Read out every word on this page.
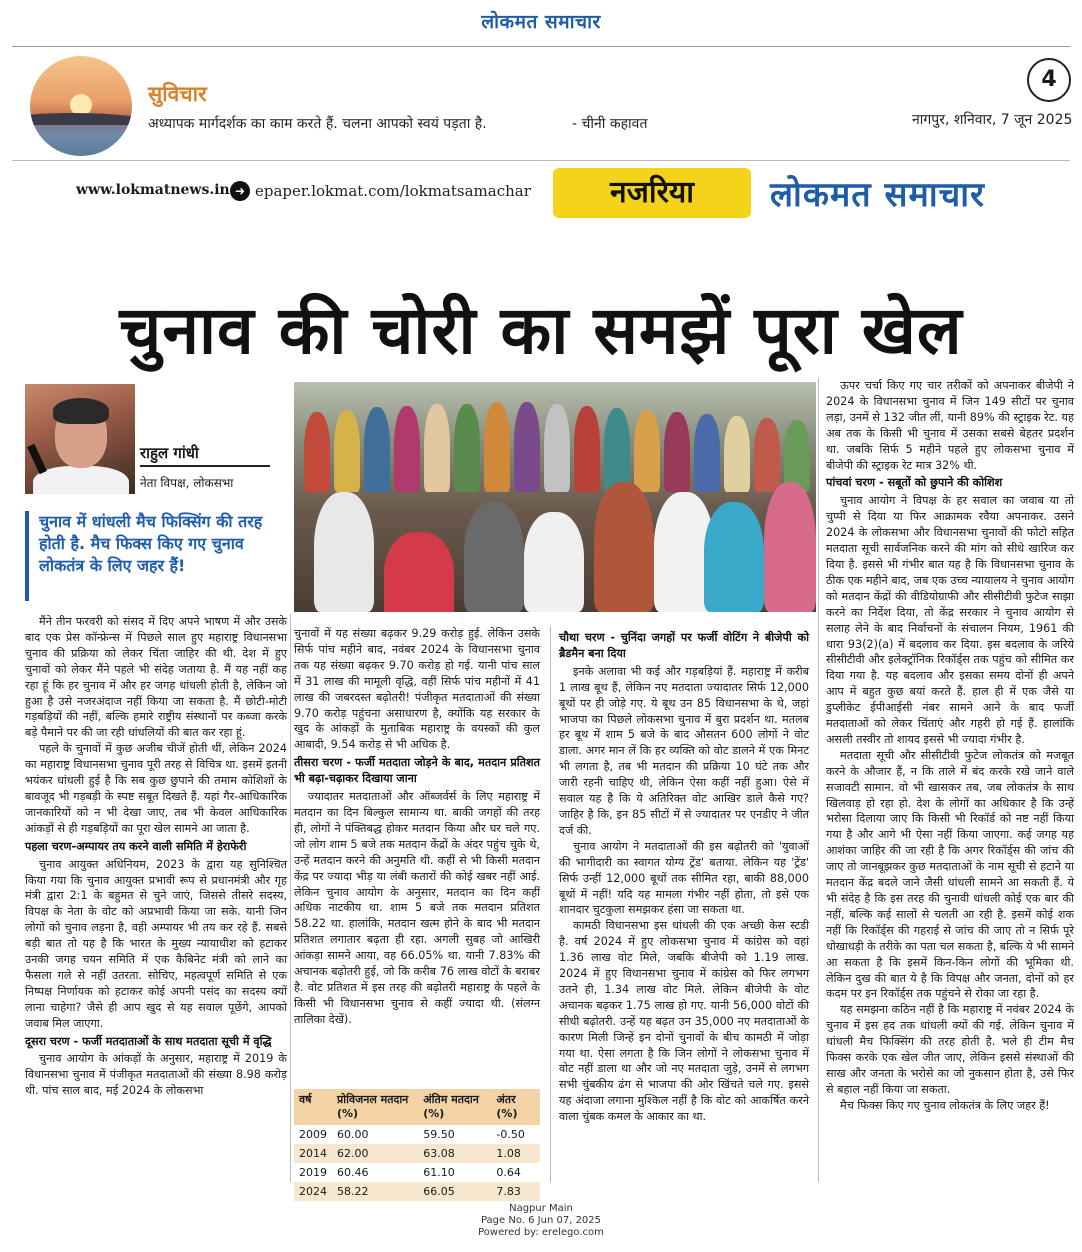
लोकमत समाचार
सुविचार
अध्यापक मार्गदर्शक का काम करते हैं. चलना आपको स्वयं पड़ता है.	- चीनी कहावत
4
नागपुर, शनिवार, 7 जून 2025
www.lokmatnews.in ➜ epaper.lokmat.com/lokmatsamachar	नजरिया	लोकमत समाचार
चुनाव की चोरी का समझें पूरा खेल
राहुल गांधी
नेता विपक्ष, लोकसभा
चुनाव में धांधली मैच फिक्सिंग की तरह होती है. मैच फिक्स किए गए चुनाव लोकतंत्र के लिए जहर हैं!

मैंने तीन फरवरी को संसद में दिए अपने भाषण में और उसके बाद एक प्रेस कॉन्फ्रेन्स में पिछले साल हुए महाराष्ट्र विधानसभा चुनाव की प्रक्रिया को लेकर चिंता जाहिर की थी. देश में हुए चुनावों को लेकर मैंने पहले भी संदेह जताया है. मैं यह नहीं कह रहा हूं कि हर चुनाव में और हर जगह धांधली होती है, लेकिन जो हुआ है उसे नजरअंदाज नहीं किया जा सकता है. मैं छोटी-मोटी गड़बड़ियों की नहीं, बल्कि हमारे राष्ट्रीय संस्थानों पर कब्जा करके बड़े पैमाने पर की जा रही धांधलियों की बात कर रहा हूं.

पहले के चुनावों में कुछ अजीब चीजें होती थीं, लेकिन 2024 का महाराष्ट्र विधानसभा चुनाव पूरी तरह से विचित्र था. इसमें इतनी भयंकर धांधली हुई है कि सब कुछ छुपाने की तमाम कोशिशों के बावजूद भी गड़बड़ी के स्पष्ट सबूत दिखते हैं. यहां गैर-आधिकारिक जानकारियों को न भी देखा जाए, तब भी केवल आधिकारिक आंकड़ों से ही गड़बड़ियों का पूरा खेल सामने आ जाता है.

पहला चरण-अम्पायर तय करने वाली समिति में हेराफेरी

चुनाव आयुक्त अधिनियम, 2023 के द्वारा यह सुनिश्चित किया गया कि चुनाव आयुक्त प्रभावी रूप से प्रधानमंत्री और गृह मंत्री द्वारा 2:1 के बहुमत से चुने जाएं, जिससे तीसरे सदस्य, विपक्ष के नेता के वोट को अप्रभावी किया जा सके. यानी जिन लोगों को चुनाव लड़ना है, वही अम्पायर भी तय कर रहे हैं. सबसे बड़ी बात तो यह है कि भारत के मुख्य न्यायाधीश को हटाकर उनकी जगह चयन समिति में एक कैबिनेट मंत्री को लाने का फैसला गले से नहीं उतरता. सोचिए, महत्वपूर्ण समिति से एक निष्पक्ष निर्णायक को हटाकर कोई अपनी पसंद का सदस्य क्यों लाना चाहेगा? जैसे ही आप खुद से यह सवाल पूछेंगे, आपको जवाब मिल जाएगा.

दूसरा चरण - फर्जी मतदाताओं के साथ मतदाता सूची में वृद्धि

चुनाव आयोग के आंकड़ों के अनुसार, महाराष्ट्र में 2019 के विधानसभा चुनाव में पंजीकृत मतदाताओं की संख्या 8.98 करोड़ थी. पांच साल बाद, मई 2024 के लोकसभा

चुनावों में यह संख्या बढ़कर 9.29 करोड़ हुई. लेकिन उसके सिर्फ पांच महीने बाद, नवंबर 2024 के विधानसभा चुनाव तक यह संख्या बढ़कर 9.70 करोड़ हो गई. यानी पांच साल में 31 लाख की मामूली वृद्धि, वहीं सिर्फ पांच महीनों में 41 लाख की जबरदस्त बढ़ोतरी! पंजीकृत मतदाताओं की संख्या 9.70 करोड़ पहुंचना असाधारण है, क्योंकि यह सरकार के खुद के आंकड़ों के मुताबिक महाराष्ट्र के वयस्कों की कुल आबादी, 9.54 करोड़ से भी अधिक है.

तीसरा चरण - फर्जी मतदाता जोड़ने के बाद, मतदान प्रतिशत भी बढ़ा-चढ़ाकर दिखाया जाना

ज्यादातर मतदाताओं और ऑब्जर्वर्स के लिए महाराष्ट्र में मतदान का दिन बिल्कुल सामान्य था. बाकी जगहों की तरह ही, लोगों ने पंक्तिबद्ध होकर मतदान किया और घर चले गए. जो लोग शाम 5 बजे तक मतदान केंद्रों के अंदर पहुंच चुके थे, उन्हें मतदान करने की अनुमति थी. कहीं से भी किसी मतदान केंद्र पर ज्यादा भीड़ या लंबी कतारों की कोई खबर नहीं आई. लेकिन चुनाव आयोग के अनुसार, मतदान का दिन कहीं अधिक नाटकीय था. शाम 5 बजे तक मतदान प्रतिशत 58.22 था. हालांकि, मतदान खत्म होने के बाद भी मतदान प्रतिशत लगातार बढ़ता ही रहा. अगली सुबह जो आखिरी आंकड़ा सामने आया, वह 66.05% था. यानी 7.83% की अचानक बढ़ोतरी हुई, जो कि करीब 76 लाख वोटों के बराबर है. वोट प्रतिशत में इस तरह की बढ़ोतरी महाराष्ट्र के पहले के किसी भी विधानसभा चुनाव से कहीं ज्यादा थी. (संलग्न तालिका देखें).

वर्ष	प्रोविजनल मतदान (%)	अंतिम मतदान (%)	अंतर (%)
2009	60.00	59.50	-0.50
2014	62.00	63.08	1.08
2019	60.46	61.10	0.64
2024	58.22	66.05	7.83

चौथा चरण - चुनिंदा जगहों पर फर्जी वोटिंग ने बीजेपी को ब्रैडमैन बना दिया

इनके अलावा भी कई और गड़बड़ियां हैं. महाराष्ट्र में करीब 1 लाख बूथ हैं, लेकिन नए मतदाता ज्यादातर सिर्फ 12,000 बूथों पर ही जोड़े गए. ये बूथ उन 85 विधानसभा के थे, जहां भाजपा का पिछले लोकसभा चुनाव में बुरा प्रदर्शन था. मतलब हर बूथ में शाम 5 बजे के बाद औसतन 600 लोगों ने वोट डाला. अगर मान लें कि हर व्यक्ति को वोट डालने में एक मिनट भी लगता है, तब भी मतदान की प्रक्रिया 10 घंटे तक और जारी रहनी चाहिए थी, लेकिन ऐसा कहीं नहीं हुआ। ऐसे में सवाल यह है कि ये अतिरिक्त वोट आखिर डाले कैसे गए? जाहिर है कि, इन 85 सीटों में से ज्यादातर पर एनडीए ने जीत दर्ज की.

चुनाव आयोग ने मतदाताओं की इस बढ़ोतरी को 'युवाओं की भागीदारी का स्वागत योग्य ट्रेंड' बताया. लेकिन यह 'ट्रेंड' सिर्फ उन्हीं 12,000 बूथों तक सीमित रहा, बाकी 88,000 बूथों में नहीं! यदि यह मामला गंभीर नहीं होता, तो इसे एक शानदार चुटकुला समझकर हंसा जा सकता था.

कामठी विधानसभा इस धांधली की एक अच्छी केस स्टडी है. वर्ष 2024 में हुए लोकसभा चुनाव में कांग्रेस को वहां 1.36 लाख वोट मिले, जबकि बीजेपी को 1.19 लाख. 2024 में हुए विधानसभा चुनाव में कांग्रेस को फिर लगभग उतने ही, 1.34 लाख वोट मिले. लेकिन बीजेपी के वोट अचानक बढ़कर 1.75 लाख हो गए. यानी 56,000 वोटों की सीधी बढ़ोतरी. उन्हें यह बढ़त उन 35,000 नए मतदाताओं के कारण मिली जिन्हें इन दोनों चुनावों के बीच कामठी में जोड़ा गया था. ऐसा लगता है कि जिन लोगों ने लोकसभा चुनाव में वोट नहीं डाला था और जो नए मतदाता जुड़े, उनमें से लगभग सभी चुंबकीय ढंग से भाजपा की ओर खिंचते चले गए. इससे यह अंदाजा लगाना मुश्किल नहीं है कि वोट को आकर्षित करने वाला चुंबक कमल के आकार का था.

ऊपर चर्चा किए गए चार तरीकों को अपनाकर बीजेपी ने 2024 के विधानसभा चुनाव में जिन 149 सीटों पर चुनाव लड़ा, उनमें से 132 जीत लीं, यानी 89% की स्ट्राइक रेट. यह अब तक के किसी भी चुनाव में उसका सबसे बेहतर प्रदर्शन था. जबकि सिर्फ 5 महीने पहले हुए लोकसभा चुनाव में बीजेपी की स्ट्राइक रेट मात्र 32% थी.

पांचवां चरण - सबूतों को छुपाने की कोशिश

चुनाव आयोग ने विपक्ष के हर सवाल का जवाब या तो चुप्पी से दिया या फिर आक्रामक रवैया अपनाकर. उसने 2024 के लोकसभा और विधानसभा चुनावों की फोटो सहित मतदाता सूची सार्वजनिक करने की मांग को सीधे खारिज कर दिया है. इससे भी गंभीर बात यह है कि विधानसभा चुनाव के ठीक एक महीने बाद, जब एक उच्च न्यायालय ने चुनाव आयोग को मतदान केंद्रों की वीडियोग्राफी और सीसीटीवी फुटेज साझा करने का निर्देश दिया, तो केंद्र सरकार ने चुनाव आयोग से सलाह लेने के बाद निर्वाचनों के संचालन नियम, 1961 की धारा 93(2)(a) में बदलाव कर दिया. इस बदलाव के जरिये सीसीटीवी और इलेक्ट्रॉनिक रिकॉर्ड्स तक पहुंच को सीमित कर दिया गया है. यह बदलाव और इसका समय दोनों ही अपने आप में बहुत कुछ बयां करते हैं. हाल ही में एक जैसे या डुप्लीकेट ईपीआईसी नंबर सामने आने के बाद फर्जी मतदाताओं को लेकर चिंताएं और गहरी हो गई हैं. हालांकि असली तस्वीर तो शायद इससे भी ज्यादा गंभीर है.

मतदाता सूची और सीसीटीवी फुटेज लोकतंत्र को मजबूत करने के औजार हैं, न कि ताले में बंद करके रखे जाने वाले सजावटी सामान. वो भी खासकर तब, जब लोकतंत्र के साथ खिलवाड़ हो रहा हो. देश के लोगों का अधिकार है कि उन्हें भरोसा दिलाया जाए कि किसी भी रिकॉर्ड को नष्ट नहीं किया गया है और आगे भी ऐसा नहीं किया जाएगा. कई जगह यह आशंका जाहिर की जा रही है कि अगर रिकॉर्ड्स की जांच की जाए तो जानबूझकर कुछ मतदाताओं के नाम सूची से हटाने या मतदान केंद्र बदले जाने जैसी धांधली सामने आ सकती हैं. ये भी संदेह है कि इस तरह की चुनावी धांधली कोई एक बार की नहीं, बल्कि कई सालों से चलती आ रही है. इसमें कोई शक नहीं कि रिकॉर्ड्स की गहराई से जांच की जाए तो न सिर्फ पूरे धोखाधड़ी के तरीके का पता चल सकता है, बल्कि ये भी सामने आ सकता है कि इसमें किन-किन लोगों की भूमिका थी. लेकिन दुख की बात ये है कि विपक्ष और जनता, दोनों को हर कदम पर इन रिकॉर्ड्स तक पहुंचने से रोका जा रहा है.

यह समझना कठिन नहीं है कि महाराष्ट्र में नवंबर 2024 के चुनाव में इस हद तक धांधली क्यों की गई. लेकिन चुनाव में धांधली मैच फिक्सिंग की तरह होती है. भले ही टीम मैच फिक्स करके एक खेल जीत जाए, लेकिन इससे संस्थाओं की साख और जनता के भरोसे का जो नुकसान होता है, उसे फिर से बहाल नहीं किया जा सकता.

मैच फिक्स किए गए चुनाव लोकतंत्र के लिए जहर हैं!

Nagpur Main
Page No. 6 Jun 07, 2025
Powered by: erelego.com
